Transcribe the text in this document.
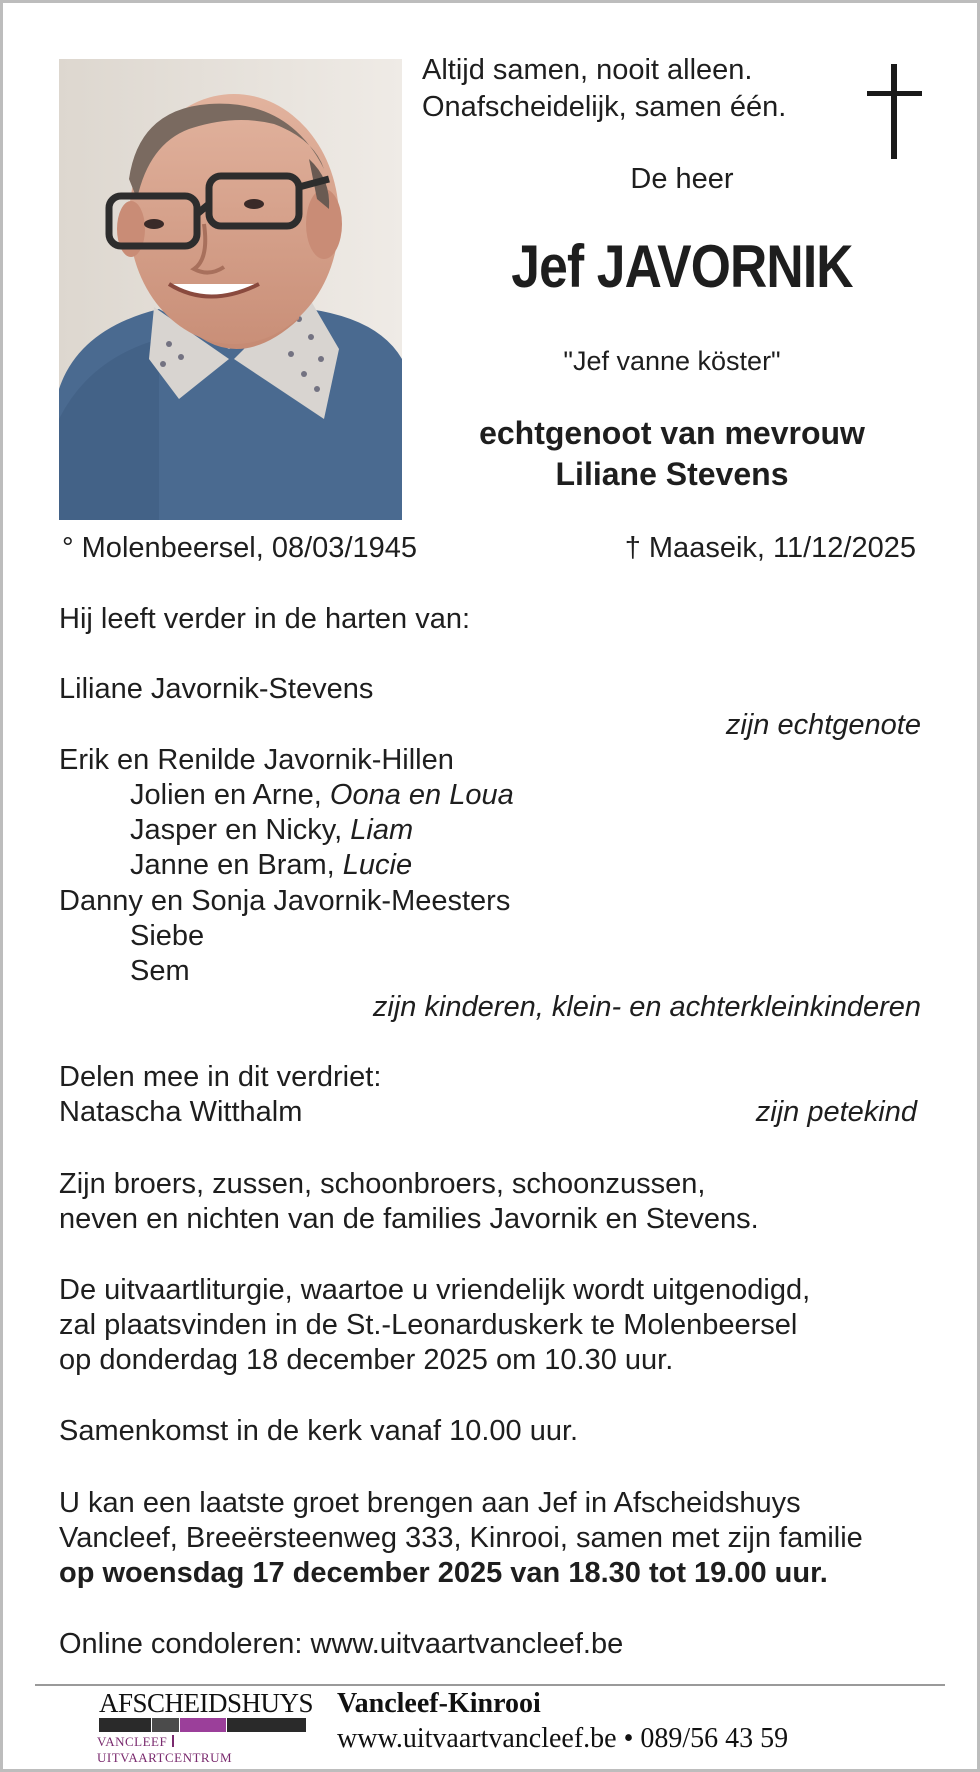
Altijd samen, nooit alleen.
Onafscheidelijk, samen één.
De heer
Jef JAVORNIK
"Jef vanne köster"
echtgenoot van mevrouw
Liliane Stevens
° Molenbeersel, 08/03/1945	† Maaseik, 11/12/2025
Hij leeft verder in de harten van:
Liliane Javornik-Stevens
zijn echtgenote
Erik en Renilde Javornik-Hillen
Jolien en Arne, Oona en Loua
Jasper en Nicky, Liam
Janne en Bram, Lucie
Danny en Sonja Javornik-Meesters
Siebe
Sem
zijn kinderen, klein- en achterkleinkinderen
Delen mee in dit verdriet:
Natascha Witthalm	zijn petekind
Zijn broers, zussen, schoonbroers, schoonzussen,
neven en nichten van de families Javornik en Stevens.
De uitvaartliturgie, waartoe u vriendelijk wordt uitgenodigd,
zal plaatsvinden in de St.-Leonarduskerk te Molenbeersel
op donderdag 18 december 2025 om 10.30 uur.
Samenkomst in de kerk vanaf 10.00 uur.
U kan een laatste groet brengen aan Jef in Afscheidshuys
Vancleef, Breeërsteenweg 333, Kinrooi, samen met zijn familie
op woensdag 17 december 2025 van 18.30 tot 19.00 uur.
Online condoleren: www.uitvaartvancleef.be
AFSCHEIDSHUYS
VANCLEEFUITVAARTCENTRUM
Vancleef-Kinrooi
www.uitvaartvancleef.be • 089/56 43 59
